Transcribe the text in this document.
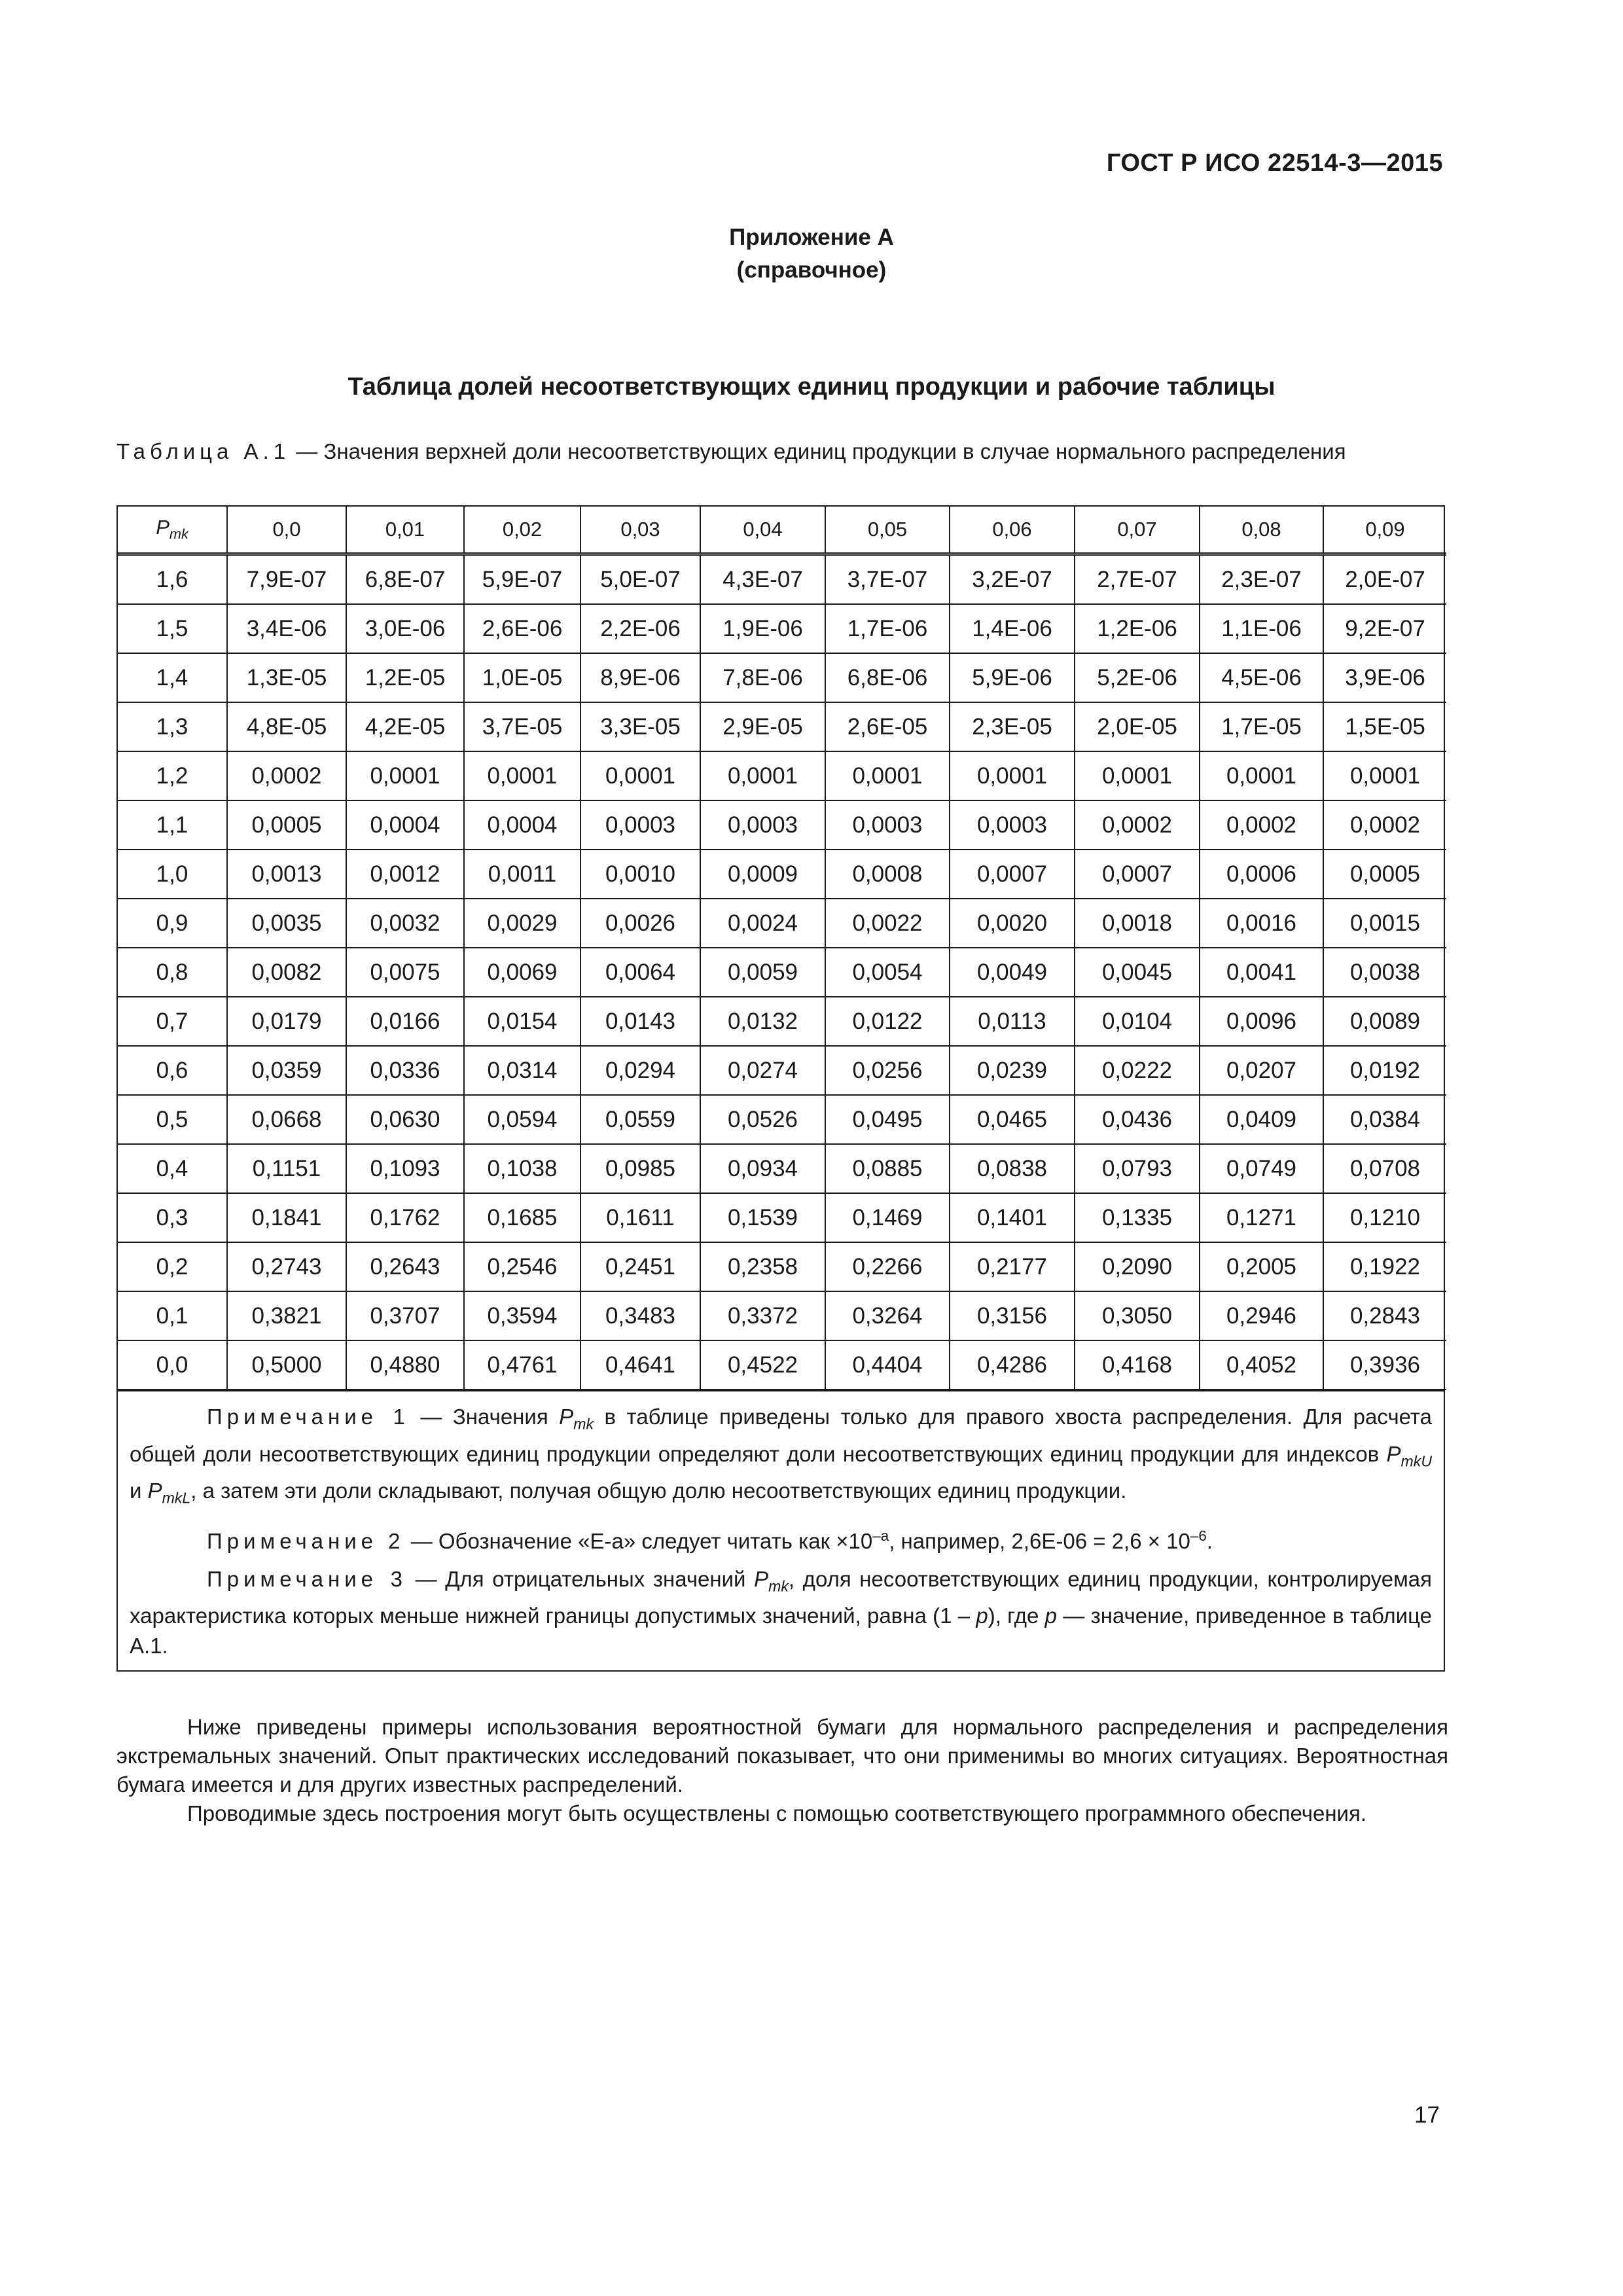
ГОСТ Р ИСО 22514-3—2015
Приложение А
(справочное)
Таблица долей несоответствующих единиц продукции и рабочие таблицы
Таблица А.1 — Значения верхней доли несоответствующих единиц продукции в случае нормального распределения
$P_{mk}$	0,0	0,01	0,02	0,03	0,04	0,05	0,06	0,07	0,08	0,09
1,6	7,9E-07	6,8E-07	5,9E-07	5,0E-07	4,3E-07	3,7E-07	3,2E-07	2,7E-07	2,3E-07	2,0E-07
1,5	3,4E-06	3,0E-06	2,6E-06	2,2E-06	1,9E-06	1,7E-06	1,4E-06	1,2E-06	1,1E-06	9,2E-07
1,4	1,3E-05	1,2E-05	1,0E-05	8,9E-06	7,8E-06	6,8E-06	5,9E-06	5,2E-06	4,5E-06	3,9E-06
1,3	4,8E-05	4,2E-05	3,7E-05	3,3E-05	2,9E-05	2,6E-05	2,3E-05	2,0E-05	1,7E-05	1,5E-05
1,2	0,0002	0,0001	0,0001	0,0001	0,0001	0,0001	0,0001	0,0001	0,0001	0,0001
1,1	0,0005	0,0004	0,0004	0,0003	0,0003	0,0003	0,0003	0,0002	0,0002	0,0002
1,0	0,0013	0,0012	0,0011	0,0010	0,0009	0,0008	0,0007	0,0007	0,0006	0,0005
0,9	0,0035	0,0032	0,0029	0,0026	0,0024	0,0022	0,0020	0,0018	0,0016	0,0015
0,8	0,0082	0,0075	0,0069	0,0064	0,0059	0,0054	0,0049	0,0045	0,0041	0,0038
0,7	0,0179	0,0166	0,0154	0,0143	0,0132	0,0122	0,0113	0,0104	0,0096	0,0089
0,6	0,0359	0,0336	0,0314	0,0294	0,0274	0,0256	0,0239	0,0222	0,0207	0,0192
0,5	0,0668	0,0630	0,0594	0,0559	0,0526	0,0495	0,0465	0,0436	0,0409	0,0384
0,4	0,1151	0,1093	0,1038	0,0985	0,0934	0,0885	0,0838	0,0793	0,0749	0,0708
0,3	0,1841	0,1762	0,1685	0,1611	0,1539	0,1469	0,1401	0,1335	0,1271	0,1210
0,2	0,2743	0,2643	0,2546	0,2451	0,2358	0,2266	0,2177	0,2090	0,2005	0,1922
0,1	0,3821	0,3707	0,3594	0,3483	0,3372	0,3264	0,3156	0,3050	0,2946	0,2843
0,0	0,5000	0,4880	0,4761	0,4641	0,4522	0,4404	0,4286	0,4168	0,4052	0,3936

Примечание 1 — Значения $P_{mk}$ в таблице приведены только для правого хвоста распределения. Для расчета общей доли несоответствующих единиц продукции определяют доли несоответствующих единиц продукции для индексов $P_{mkU}$ и $P_{mkL}$, а затем эти доли складывают, получая общую долю несоответствующих единиц продукции.

Примечание 2 — Обозначение «Е-а» следует читать как $\times 10^{-а}$, например, $2,6Е-06 = 2,6 \times 10^{-6}$.

Примечание 3 — Для отрицательных значений $P_{mk}$, доля несоответствующих единиц продукции, контролируемая характеристика которых меньше нижней границы допустимых значений, равна (1 – p), где p — значение, приведенное в таблице А.1.

Ниже приведены примеры использования вероятностной бумаги для нормального распределения и распределения экстремальных значений. Опыт практических исследований показывает, что они применимы во многих ситуациях. Вероятностная бумага имеется и для других известных распределений.

Проводимые здесь построения могут быть осуществлены с помощью соответствующего программного обеспечения.

17
